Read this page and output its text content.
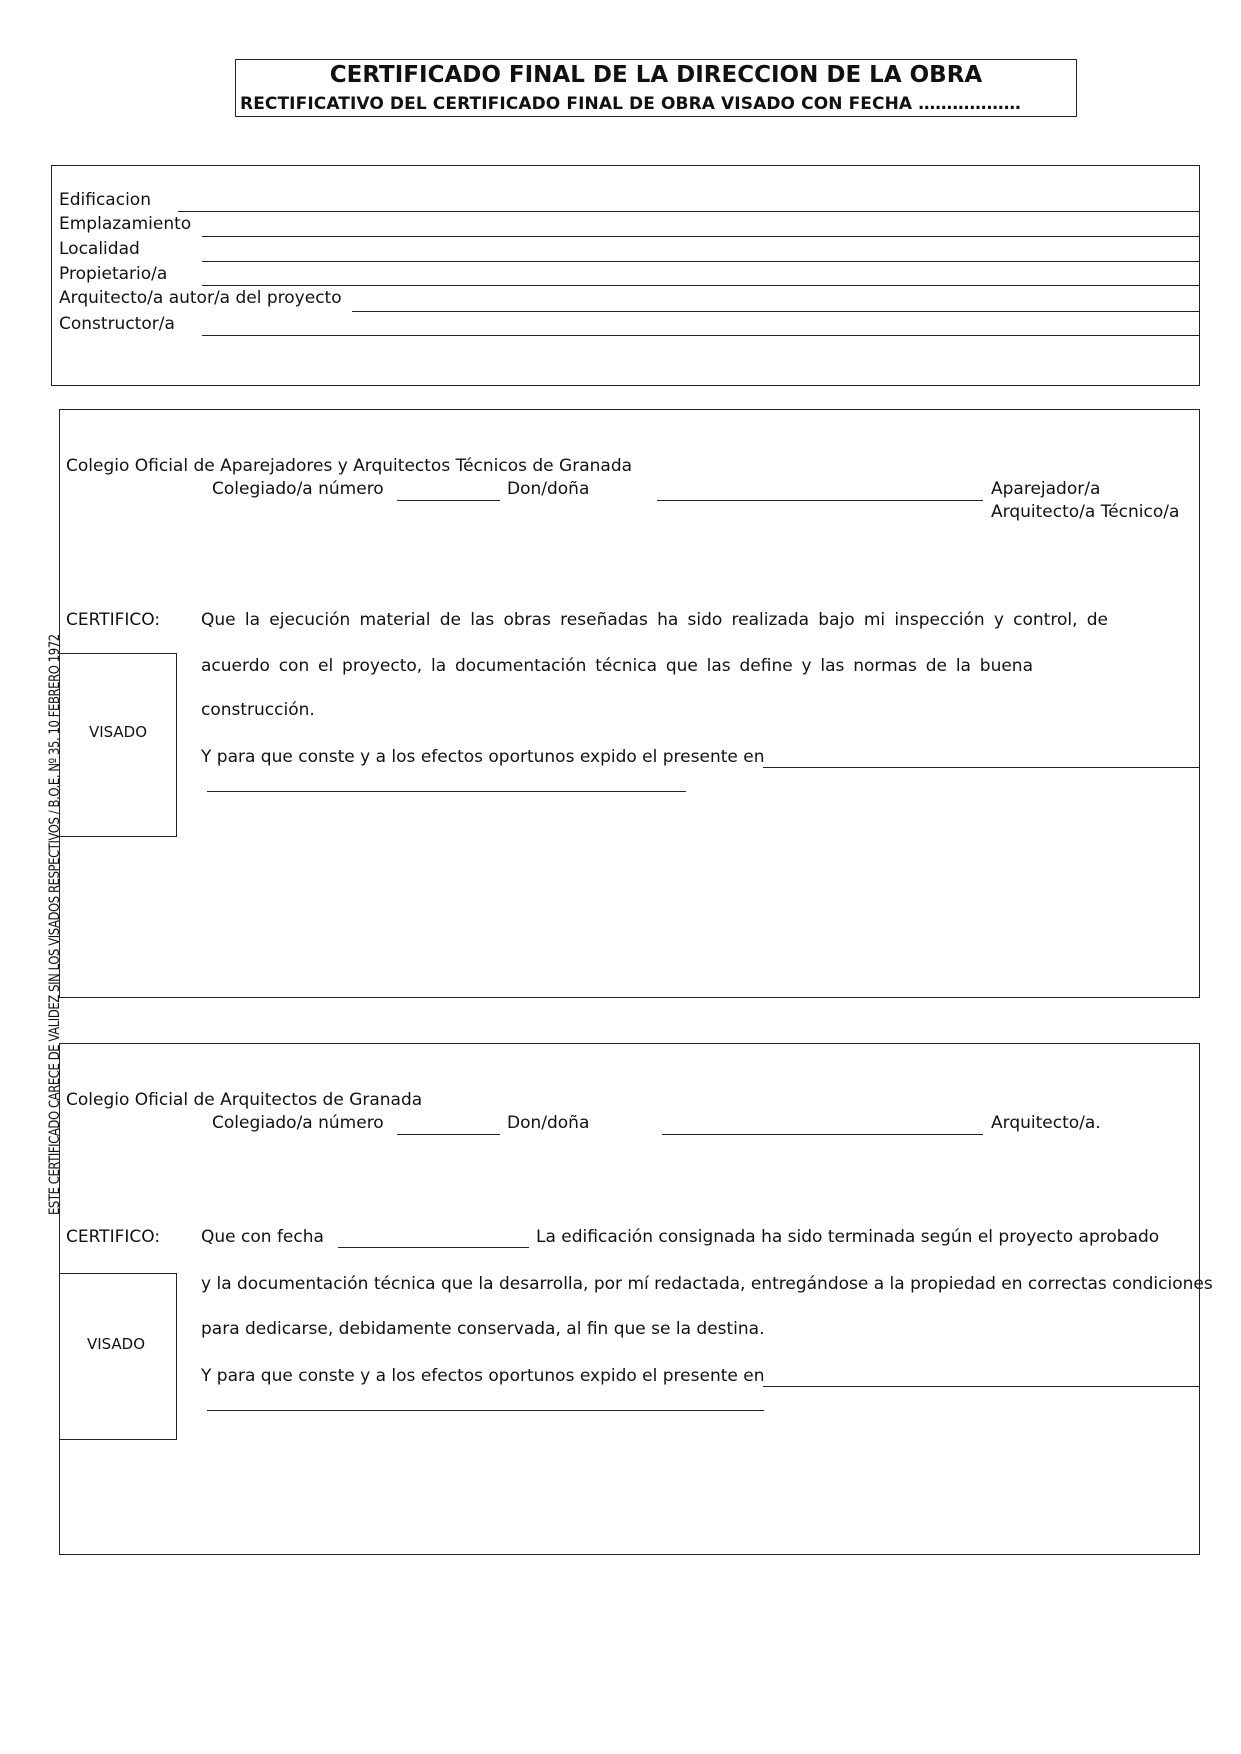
CERTIFICADO FINAL DE LA DIRECCION DE LA OBRA
RECTIFICATIVO DEL CERTIFICADO FINAL DE OBRA VISADO CON FECHA ………………
ESTE CERTIFICADO CARECE DE VALIDEZ SIN LOS VISADOS RESPECTIVOS / B.O.E. Nº 35. 10 FEBRERO 1972
Edificacion
Emplazamiento
Localidad
Propietario/a
Arquitecto/a autor/a del proyecto
Constructor/a
Colegio Oficial de Aparejadores y Arquitectos Técnicos de Granada
Colegiado/a número	Don/doña	Aparejador/a
Arquitecto/a Técnico/a
CERTIFICO: Que la ejecución material de las obras reseñadas ha sido realizada bajo mi inspección y control, de
acuerdo con el proyecto, la documentación técnica que las define y las normas de la buena
construcción.
Y para que conste y a los efectos oportunos expido el presente en
VISADO
Colegio Oficial de Arquitectos de Granada
Colegiado/a número	Don/doña	Arquitecto/a.
CERTIFICO: Que con fecha	La edificación consignada ha sido terminada según el proyecto aprobado
y la documentación técnica que la desarrolla, por mí redactada, entregándose a la propiedad en correctas condiciones
para dedicarse, debidamente conservada, al fin que se la destina.
Y para que conste y a los efectos oportunos expido el presente en
VISADO
